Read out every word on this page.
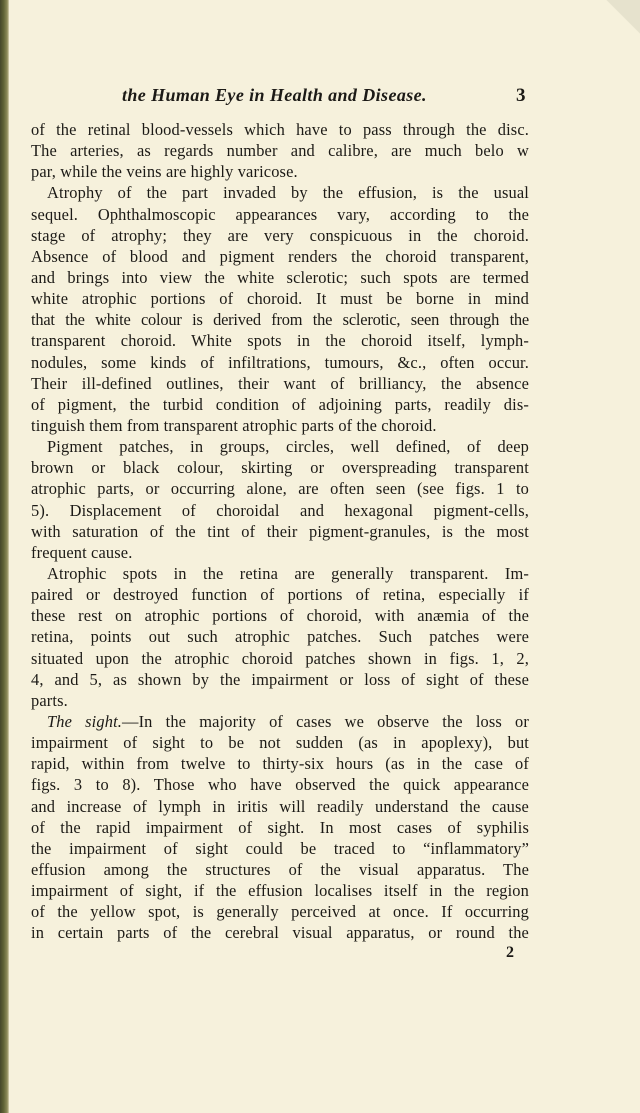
the Human Eye in Health and Disease.	3
of the retinal blood-vessels which have to pass through the disc.
The arteries, as regards number and calibre, are much belo w
par, while the veins are highly varicose.
Atrophy of the part invaded by the effusion, is the usual
sequel. Ophthalmoscopic appearances vary, according to the
stage of atrophy; they are very conspicuous in the choroid.
Absence of blood and pigment renders the choroid transparent,
and brings into view the white sclerotic; such spots are termed
white atrophic portions of choroid. It must be borne in mind
that the white colour is derived from the sclerotic, seen through the
transparent choroid. White spots in the choroid itself, lymph-
nodules, some kinds of infiltrations, tumours, &c., often occur.
Their ill-defined outlines, their want of brilliancy, the absence
of pigment, the turbid condition of adjoining parts, readily dis-
tinguish them from transparent atrophic parts of the choroid.
Pigment patches, in groups, circles, well defined, of deep
brown or black colour, skirting or overspreading transparent
atrophic parts, or occurring alone, are often seen (see figs. 1 to
5). Displacement of choroidal and hexagonal pigment-cells,
with saturation of the tint of their pigment-granules, is the most
frequent cause.
Atrophic spots in the retina are generally transparent. Im-
paired or destroyed function of portions of retina, especially if
these rest on atrophic portions of choroid, with anæmia of the
retina, points out such atrophic patches. Such patches were
situated upon the atrophic choroid patches shown in figs. 1, 2,
4, and 5, as shown by the impairment or loss of sight of these
parts.
The sight.—In the majority of cases we observe the loss or
impairment of sight to be not sudden (as in apoplexy), but
rapid, within from twelve to thirty-six hours (as in the case of
figs. 3 to 8). Those who have observed the quick appearance
and increase of lymph in iritis will readily understand the cause
of the rapid impairment of sight. In most cases of syphilis
the impairment of sight could be traced to “inflammatory”
effusion among the structures of the visual apparatus. The
impairment of sight, if the effusion localises itself in the region
of the yellow spot, is generally perceived at once. If occurring
in certain parts of the cerebral visual apparatus, or round the
2
